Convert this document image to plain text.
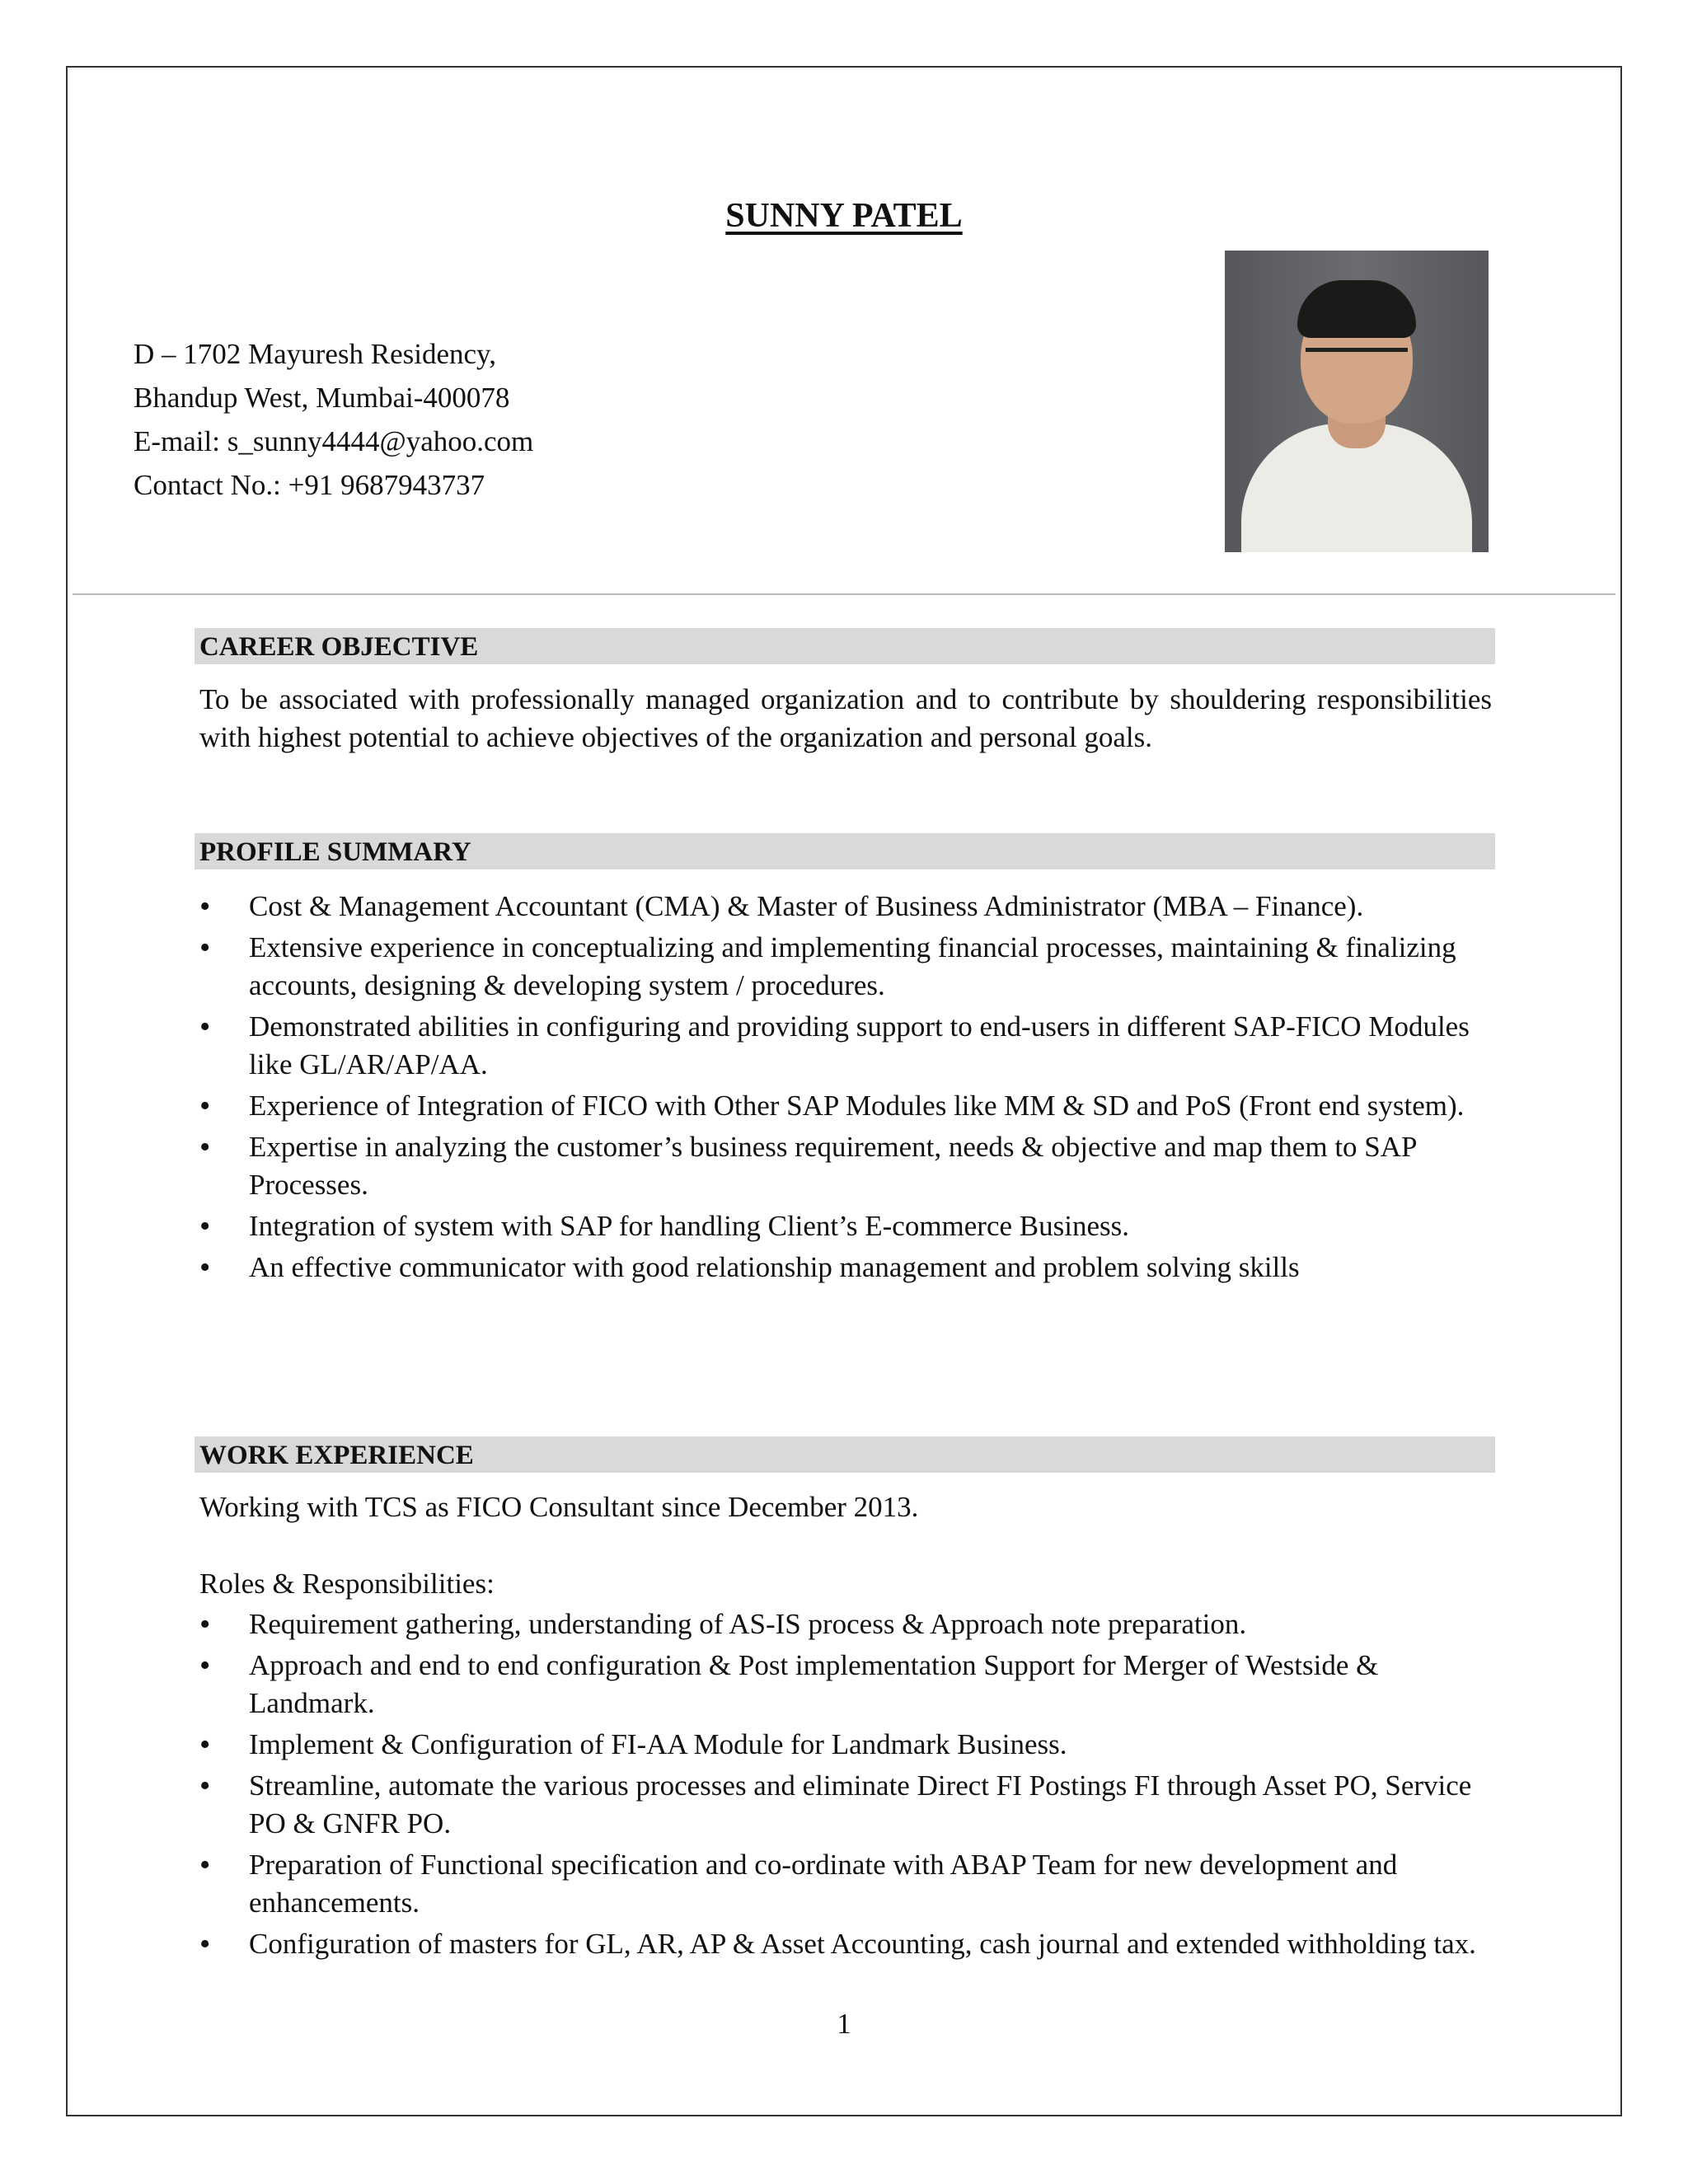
SUNNY PATEL
D – 1702 Mayuresh Residency,
Bhandup West, Mumbai-400078
E-mail: s_sunny4444@yahoo.com
Contact No.: +91 9687943737
CAREER OBJECTIVE
To be associated with professionally managed organization and to contribute by shouldering responsibilities with highest potential to achieve objectives of the organization and personal goals.
PROFILE SUMMARY
• Cost & Management Accountant (CMA) & Master of Business Administrator (MBA – Finance).
• Extensive experience in conceptualizing and implementing financial processes, maintaining & finalizing accounts, designing & developing system / procedures.
• Demonstrated abilities in configuring and providing support to end-users in different SAP-FICO Modules like GL/AR/AP/AA.
• Experience of Integration of FICO with Other SAP Modules like MM & SD and PoS (Front end system).
• Expertise in analyzing the customer’s business requirement, needs & objective and map them to SAP Processes.
• Integration of system with SAP for handling Client’s E-commerce Business.
• An effective communicator with good relationship management and problem solving skills
WORK EXPERIENCE
Working with TCS as FICO Consultant since December 2013.
Roles & Responsibilities:
• Requirement gathering, understanding of AS-IS process & Approach note preparation.
• Approach and end to end configuration & Post implementation Support for Merger of Westside & Landmark.
• Implement & Configuration of FI-AA Module for Landmark Business.
• Streamline, automate the various processes and eliminate Direct FI Postings FI through Asset PO, Service PO & GNFR PO.
• Preparation of Functional specification and co-ordinate with ABAP Team for new development and enhancements.
• Configuration of masters for GL, AR, AP & Asset Accounting, cash journal and extended withholding tax.
1
